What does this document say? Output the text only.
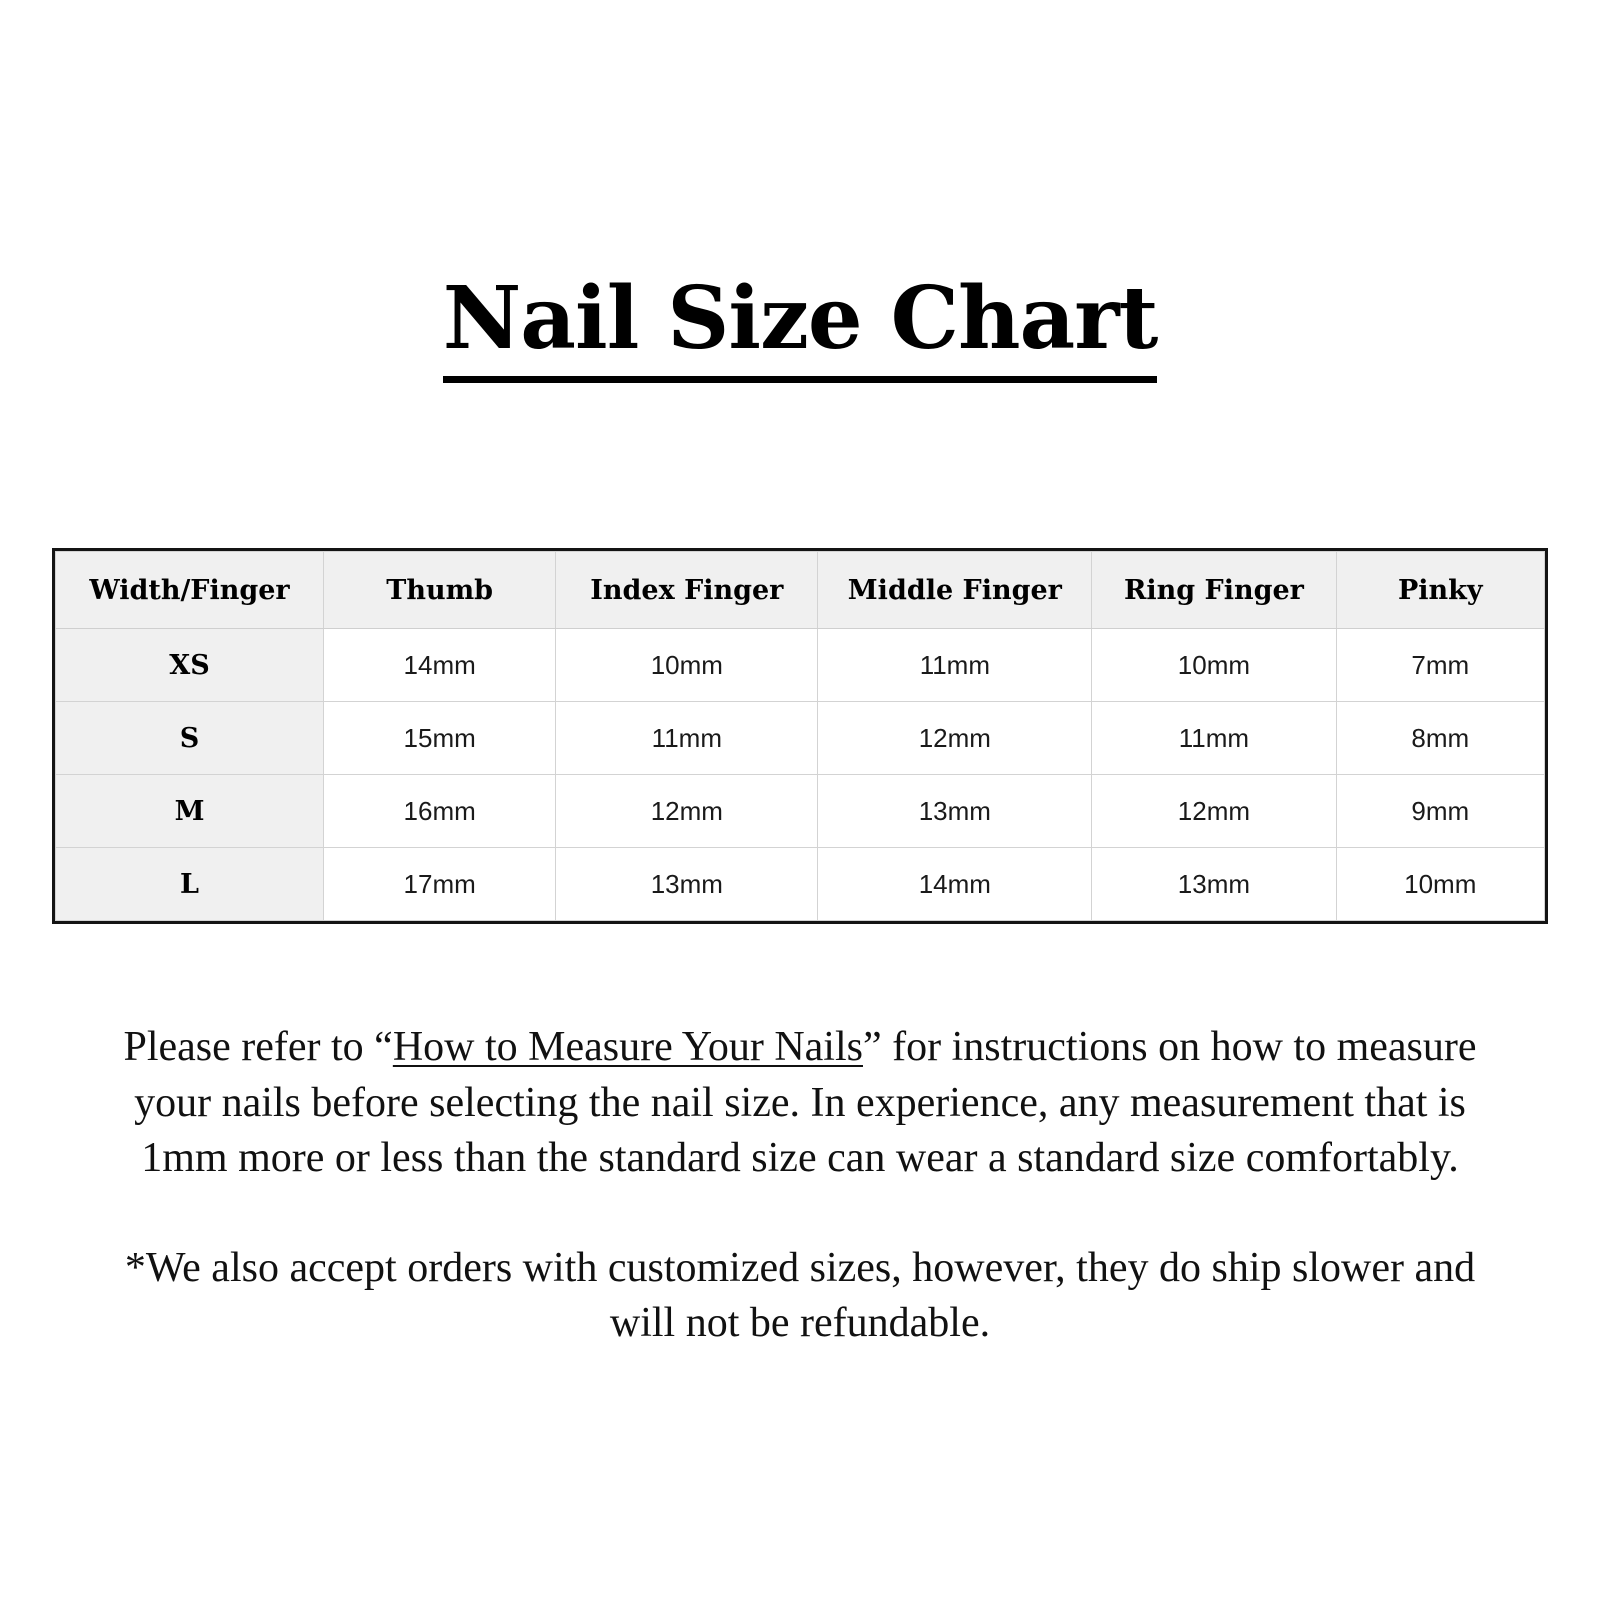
Nail Size Chart
Width/Finger	Thumb	Index Finger	Middle Finger	Ring Finger	Pinky
XS	14mm	10mm	11mm	10mm	7mm
S	15mm	11mm	12mm	11mm	8mm
M	16mm	12mm	13mm	12mm	9mm
L	17mm	13mm	14mm	13mm	10mm
Please refer to “How to Measure Your Nails” for instructions on how to measure your nails before selecting the nail size. In experience, any measurement that is 1mm more or less than the standard size can wear a standard size comfortably.
*We also accept orders with customized sizes, however, they do ship slower and will not be refundable.
